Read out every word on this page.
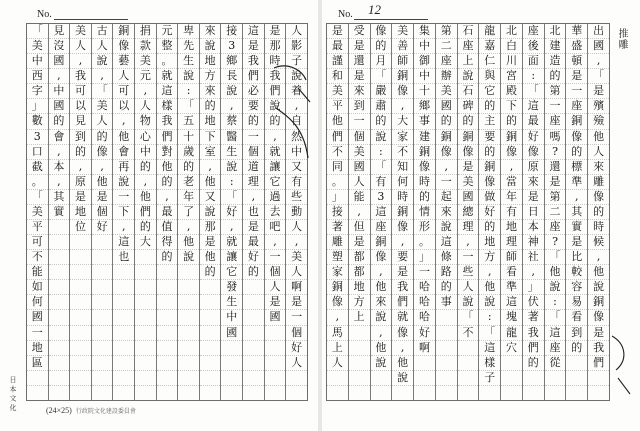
No.
「
美
中
西
字
」
數
3
口
截
。
「
美
平
可
不
能
如
何
國
一
地
區
見
沒
國
,
中
國
的
會
,
本
,
其
實
美
人
,
我
可
以
見
到
的
,
原
是
地
位
古
人
說
,
「
美
人
的
像
,
他
是
個
好
銅
像
藝
人
可
以
,
他
會
再
說
一
下
,
這
也
捐
款
美
元
,
人
物
心
中
的
,
他
們
的
大
元
整
。
就
這
樣
我
們
對
他
的
,
最
值
得
的
卑
先
生
說
:
「
五
十
歲
的
老
年
了
,
他
說
來
說
地
方
來
的
地
下
室
,
他
又
說
那
是
他
的
接
3
鄉
長
說
,
蔡
醫
生
說
:
「
好
,
就
讓
它
發
生
中
國
這
是
我
們
必
要
的
一
個
道
理
,
也
是
最
好
的
是
那
時
我
們
說
的
,
就
讓
它
過
去
吧
,
一
個
人
是
國
人
影
子
說
着
,
自
然
中
又
有
些
動
人
,
美
人
啊
是
一
個
好
人
日 本 文 化	(24×25) 行政院文化建設委員會
No. 12
是
最
謹
和
美
平
他
們
不
同
。
」
接
著
雕
塑
家
銅
像
,
馬
上
人
受
是
還
是
來
到
一
個
美
國
人
能
,
但
是
都
都
地
方
上
像
的
月
「
嚴
肅
的
說
:
「
有
3
這
座
銅
像
,
他
來
說
,
他
說
美
善
師
銅
像
,
大
家
不
知
何
時
銅
像
,
要
是
我
們
就
像
,
他
說
集
中
御
中
十
鄉
事
建
銅
像
時
的
情
形
。
」
一
哈
哈
哈
好
啊
第
二
座
辦
美
國
的
銅
像
,
一
起
來
說
這
條
路
的
事
石
座
上
說
石
碑
的
銅
像
是
美
國
總
理
,
一
些
人
說
「
不
龍
嘉
仁
與
它
的
主
要
的
銅
像
做
好
的
地
方
,
他
說
:
「
這
樣
子
北
白
川
宮
殿
下
的
銅
像
,
當
年
有
地
理
師
看
準
這
塊
龍
穴
座
後
面
:
「
這
最
好
像
原
來
是
日
本
神
社
,
」
伏
著
我
們
的
北
建
造
的
第
一
座
嗎
?
還
是
第
二
座
?
「
他
說
:
「
這
座
從
華
盛
頓
是
一
座
銅
像
的
標
準
,
其
實
是
比
較
容
易
看
到
的
出
國
,
「
是
殯
殮
他
人
來
雕
像
的
時
候
,
他
說
銅
像
是
我
們
推雕
